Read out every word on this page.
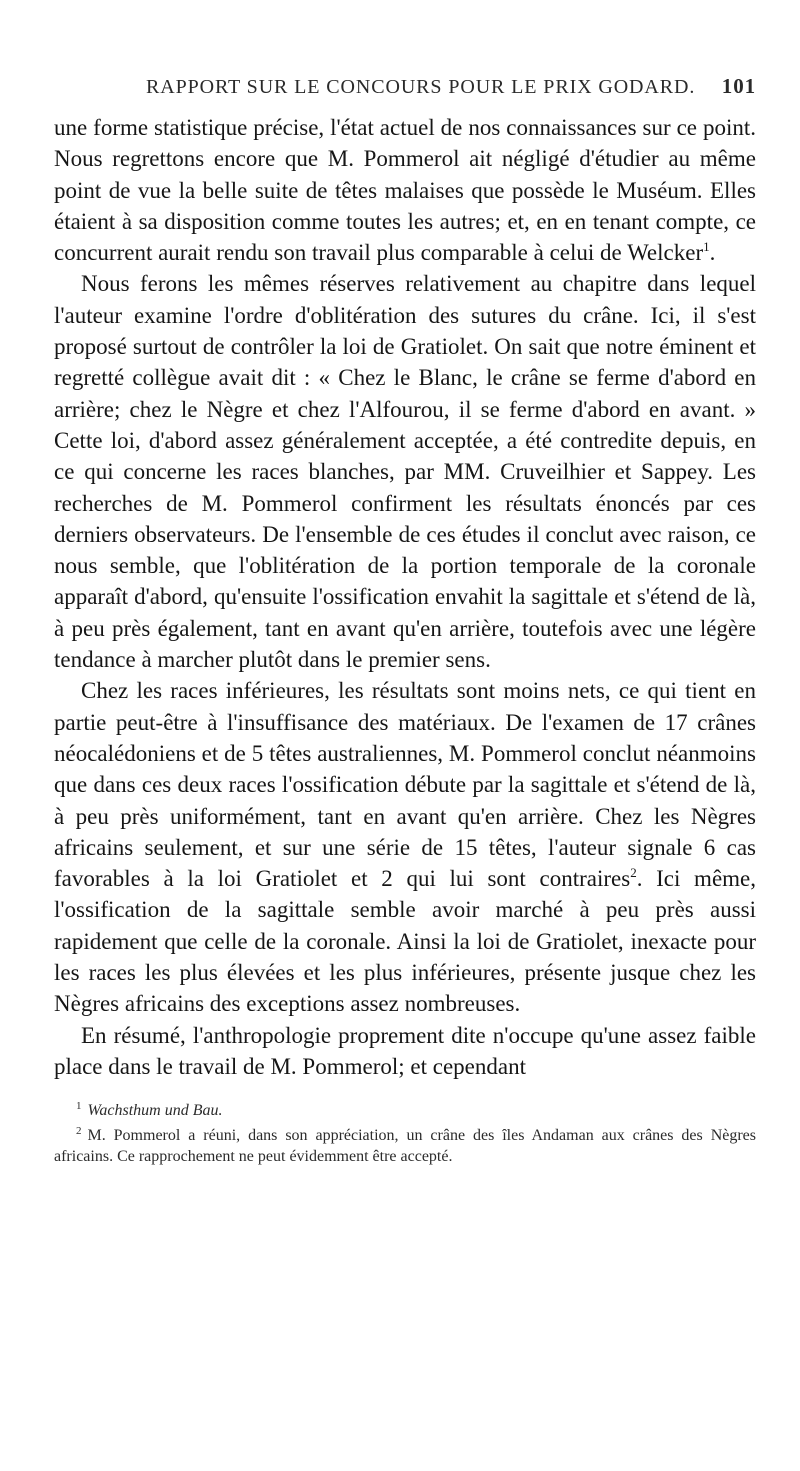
RAPPORT SUR LE CONCOURS POUR LE PRIX GODARD. 101

une forme statistique précise, l'état actuel de nos connaissances sur ce point. Nous regrettons encore que M. Pommerol ait négligé d'étudier au même point de vue la belle suite de têtes malaises que possède le Muséum. Elles étaient à sa disposition comme toutes les autres; et, en en tenant compte, ce concurrent aurait rendu son travail plus comparable à celui de Welcker$^1$.

Nous ferons les mêmes réserves relativement au chapitre dans lequel l'auteur examine l'ordre d'oblitération des sutures du crâne. Ici, il s'est proposé surtout de contrôler la loi de Gratiolet. On sait que notre éminent et regretté collègue avait dit : « Chez le Blanc, le crâne se ferme d'abord en arrière; chez le Nègre et chez l'Alfourou, il se ferme d'abord en avant. » Cette loi, d'abord assez généralement acceptée, a été contredite depuis, en ce qui concerne les races blanches, par MM. Cruveilhier et Sappey. Les recherches de M. Pommerol confirment les résultats énoncés par ces derniers observateurs. De l'ensemble de ces études il conclut avec raison, ce nous semble, que l'oblitération de la portion temporale de la coronale apparaît d'abord, qu'ensuite l'ossification envahit la sagittale et s'étend de là, à peu près également, tant en avant qu'en arrière, toutefois avec une légère tendance à marcher plutôt dans le premier sens.

Chez les races inférieures, les résultats sont moins nets, ce qui tient en partie peut-être à l'insuffisance des matériaux. De l'examen de 17 crânes néocalédoniens et de 5 têtes australiennes, M. Pommerol conclut néanmoins que dans ces deux races l'ossification débute par la sagittale et s'étend de là, à peu près uniformément, tant en avant qu'en arrière. Chez les Nègres africains seulement, et sur une série de 15 têtes, l'auteur signale 6 cas favorables à la loi Gratiolet et 2 qui lui sont contraires$^2$. Ici même, l'ossification de la sagittale semble avoir marché à peu près aussi rapidement que celle de la coronale. Ainsi la loi de Gratiolet, inexacte pour les races les plus élevées et les plus inférieures, présente jusque chez les Nègres africains des exceptions assez nombreuses.

En résumé, l'anthropologie proprement dite n'occupe qu'une assez faible place dans le travail de M. Pommerol; et cependant

$^1$ Wachsthum und Bau.

$^2$ M. Pommerol a réuni, dans son appréciation, un crâne des îles Andaman aux crânes des Nègres africains. Ce rapprochement ne peut évidemment être accepté.
